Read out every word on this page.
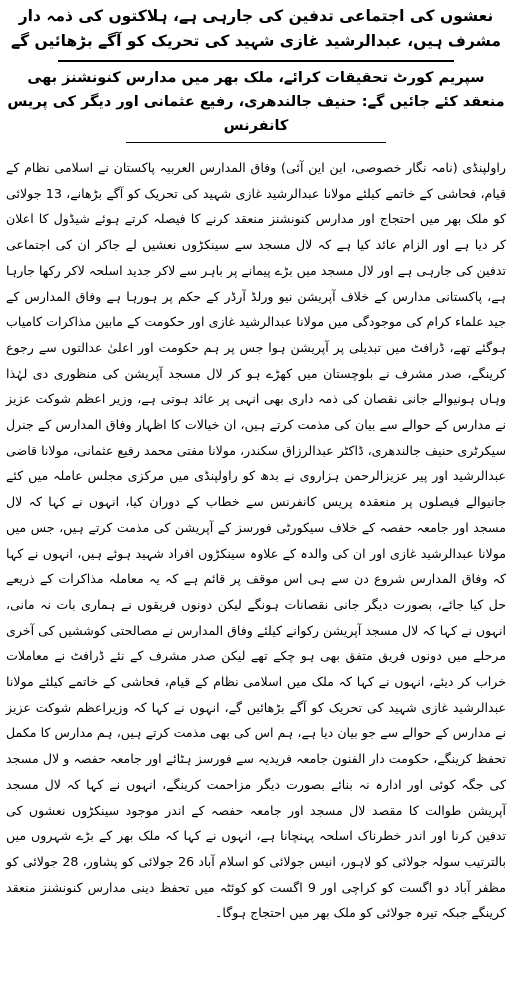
نعشوں کی اجتماعی تدفین کی جارہی ہے، ہلاکتوں کی ذمہ دار مشرف ہیں، عبدالرشید غازی شہید کی تحریک کو آگے بڑھائیں گے
سپریم کورٹ تحقیقات کرائے، ملک بھر میں مدارس کنونشنز بھی منعقد کئے جائیں گے: حنیف جالندھری، رفیع عثمانی اور دیگر کی پریس کانفرنس

راولپنڈی (نامہ نگار خصوصی، این این آئی) وفاق المدارس العربیہ پاکستان نے اسلامی نظام کے قیام، فحاشی کے خاتمے کیلئے مولانا عبدالرشید غازی شہید کی تحریک کو آگے بڑھانے، 13 جولائی کو ملک بھر میں احتجاج اور مدارس کنونشنز منعقد کرنے کا فیصلہ کرتے ہوئے شیڈول کا اعلان کر دیا ہے اور الزام عائد کیا ہے کہ لال مسجد سے سینکڑوں نعشیں لے جاکر ان کی اجتماعی تدفین کی جارہی ہے اور لال مسجد میں بڑے پیمانے پر باہر سے لاکر جدید اسلحہ لاکر رکھا جارہا ہے، پاکستانی مدارس کے خلاف آپریشن نیو ورلڈ آرڈر کے حکم پر ہورہا ہے وفاق المدارس کے جید علماء کرام کی موجودگی میں مولانا عبدالرشید غازی اور حکومت کے مابین مذاکرات کامیاب ہوگئے تھے، ڈرافٹ میں تبدیلی پر آپریشن ہوا جس پر ہم حکومت اور اعلیٰ عدالتوں سے رجوع کرینگے، صدر مشرف نے بلوچستان میں کھڑے ہو کر لال مسجد آپریشن کی منظوری دی لہٰذا وہاں ہونیوالے جانی نقصان کی ذمہ داری بھی انہی پر عائد ہوتی ہے، وزیر اعظم شوکت عزیز نے مدارس کے حوالے سے بیان کی مذمت کرتے ہیں، ان خیالات کا اظہار وفاق المدارس کے جنرل سیکرٹری حنیف جالندھری، ڈاکٹر عبدالرزاق سکندر، مولانا مفتی محمد رفیع عثمانی، مولانا قاضی عبدالرشید اور پیر عزیزالرحمن ہزاروی نے بدھ کو راولپنڈی میں مرکزی مجلس عاملہ میں کئے جانیوالے فیصلوں پر منعقدہ پریس کانفرنس سے خطاب کے دوران کیا، انہوں نے کہا کہ لال مسجد اور جامعہ حفصہ کے خلاف سیکورٹی فورسز کے آپریشن کی مذمت کرتے ہیں، جس میں مولانا عبدالرشید غازی اور ان کی والدہ کے علاوہ سینکڑوں افراد شہید ہوئے ہیں، انہوں نے کہا کہ وفاق المدارس شروع دن سے ہی اس موقف پر قائم ہے کہ یہ معاملہ مذاکرات کے ذریعے حل کیا جائے، بصورت دیگر جانی نقصانات ہونگے لیکن دونوں فریقوں نے ہماری بات نہ مانی، انہوں نے کہا کہ لال مسجد آپریشن رکوانے کیلئے وفاق المدارس نے مصالحتی کوششیں کی آخری مرحلے میں دونوں فریق متفق بھی ہو چکے تھے لیکن صدر مشرف کے نئے ڈرافٹ نے معاملات خراب کر دیئے، انہوں نے کہا کہ ملک میں اسلامی نظام کے قیام، فحاشی کے خاتمے کیلئے مولانا عبدالرشید غازی شہید کی تحریک کو آگے بڑھائیں گے، انہوں نے کہا کہ وزیراعظم شوکت عزیز نے مدارس کے حوالے سے جو بیان دیا ہے، ہم اس کی بھی مذمت کرتے ہیں، ہم مدارس کا مکمل تحفظ کرینگے، حکومت دار الفنون جامعہ فریدیہ سے فورسز ہٹائے اور جامعہ حفصہ و لال مسجد کی جگہ کوئی اور ادارہ نہ بنائے بصورت دیگر مزاحمت کرینگے، انہوں نے کہا کہ لال مسجد آپریشن طوالت کا مقصد لال مسجد اور جامعہ حفصہ کے اندر موجود سینکڑوں نعشوں کی تدفین کرنا اور اندر خطرناک اسلحہ پہنچانا ہے، انہوں نے کہا کہ ملک بھر کے بڑے شہروں میں بالترتیب سولہ جولائی کو لاہور، انیس جولائی کو اسلام آباد 26 جولائی کو پشاور، 28 جولائی کو مظفر آباد دو اگست کو کراچی اور 9 اگست کو کوئٹہ میں تحفظ دینی مدارس کنونشنز منعقد کرینگے جبکہ تیرہ جولائی کو ملک بھر میں احتجاج ہوگا۔
